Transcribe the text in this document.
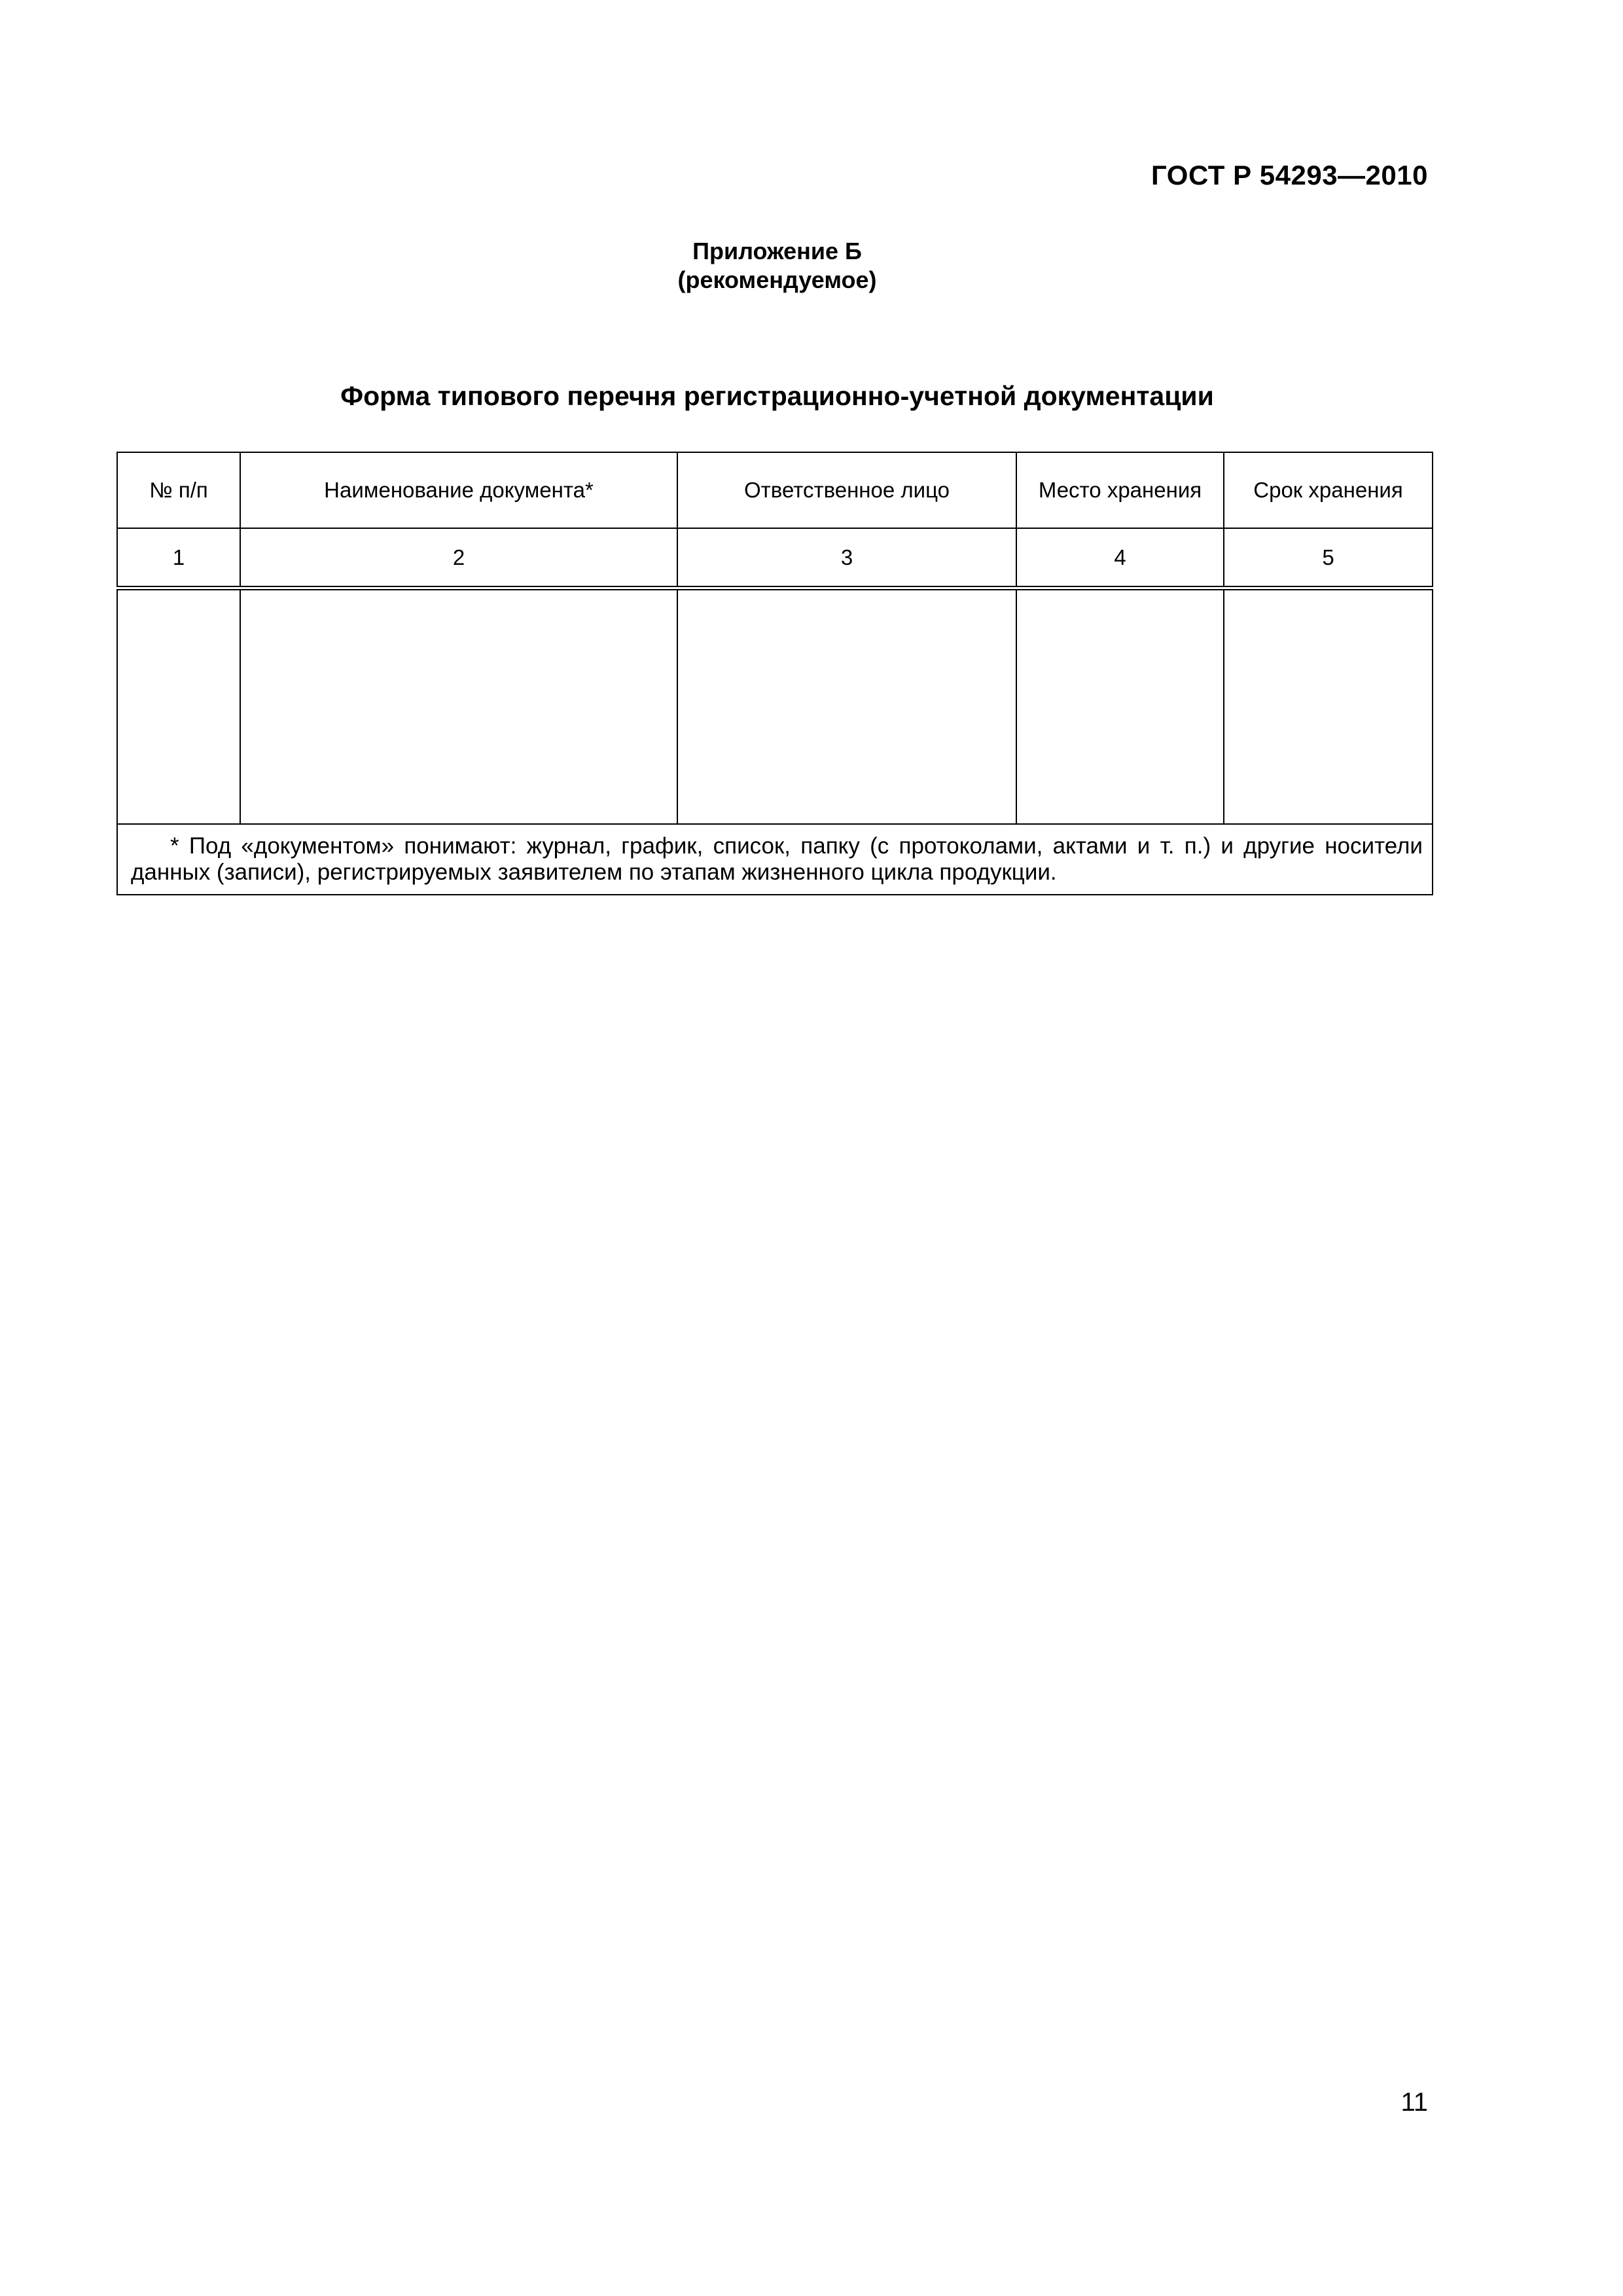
ГОСТ Р 54293—2010
Приложение Б
(рекомендуемое)
Форма типового перечня регистрационно-учетной документации
№ п/п	Наименование документа*	Ответственное лицо	Место хранения	Срок хранения
1	2	3	4	5

* Под «документом» понимают: журнал, график, список, папку (с протоколами, актами и т. п.) и другие носители данных (записи), регистрируемых заявителем по этапам жизненного цикла продукции.				
11
